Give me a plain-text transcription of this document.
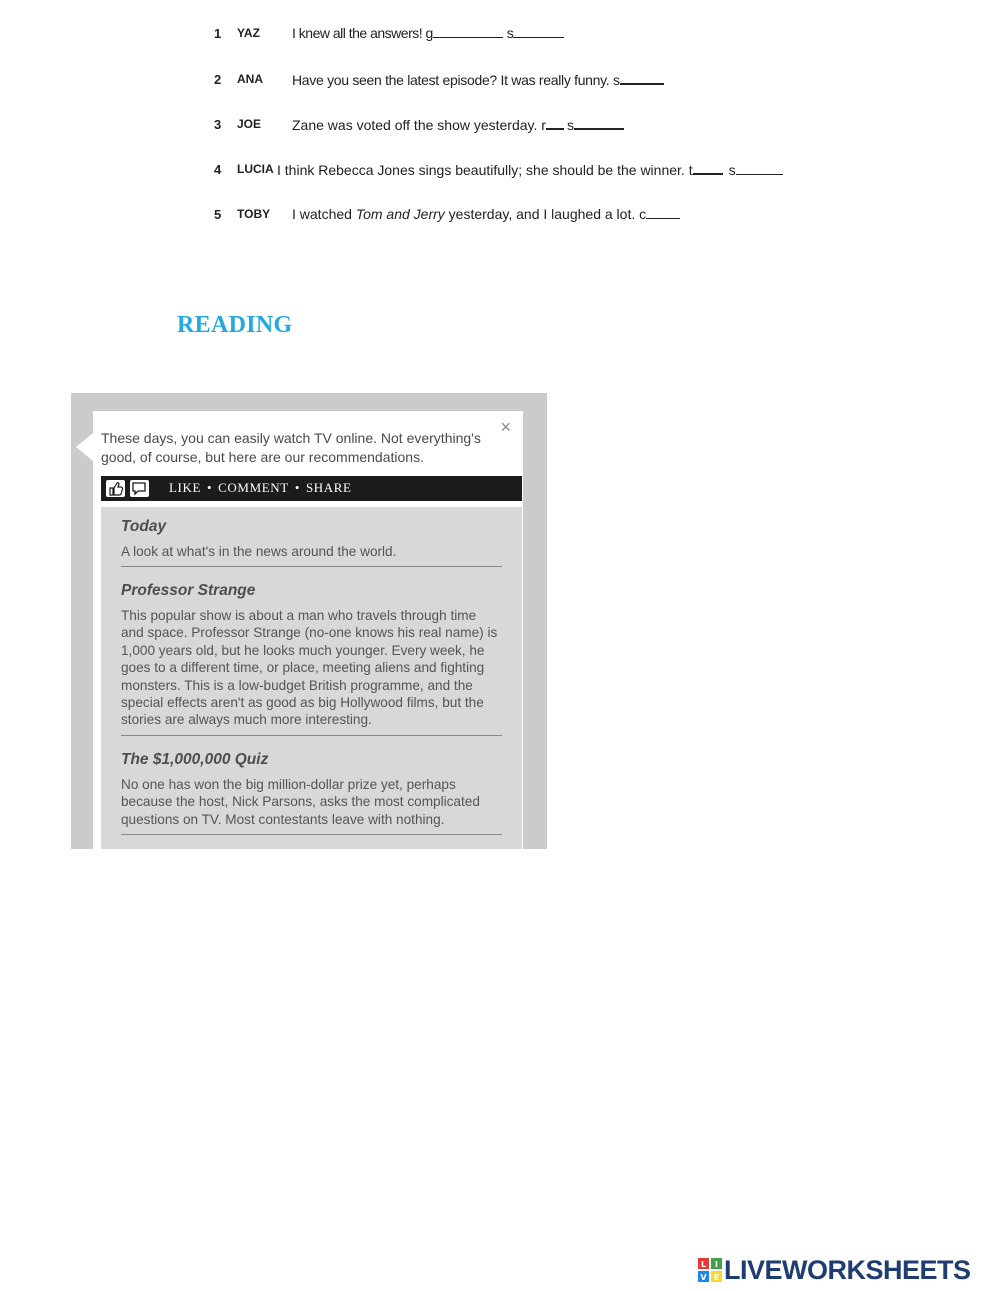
1 YAZ I knew all the answers! g	s
2 ANA Have you seen the latest episode? It was really funny. s
3 JOE Zane was voted off the show yesterday. r s
4 LUCIA I think Rebecca Jones sings beautifully; she should be the winner. t	s
5 TOBY I watched Tom and Jerry yesterday, and I laughed a lot. c
READING
These days, you can easily watch TV online. Not everything's good, of course, but here are our recommendations.
×
LIKE • COMMENT • SHARE
Today

A look at what's in the news around the world.

Professor Strange

This popular show is about a man who travels through time and space. Professor Strange (no-one knows his real name) is 1,000 years old, but he looks much younger. Every week, he goes to a different time, or place, meeting aliens and fighting monsters. This is a low-budget British programme, and the special effects aren't as good as big Hollywood films, but the stories are always much more interesting.

The $1,000,000 Quiz

No one has won the big million-dollar prize yet, perhaps because the host, Nick Parsons, asks the most complicated questions on TV. Most contestants leave with nothing.

L I
V E LIVEWORKSHEETS
